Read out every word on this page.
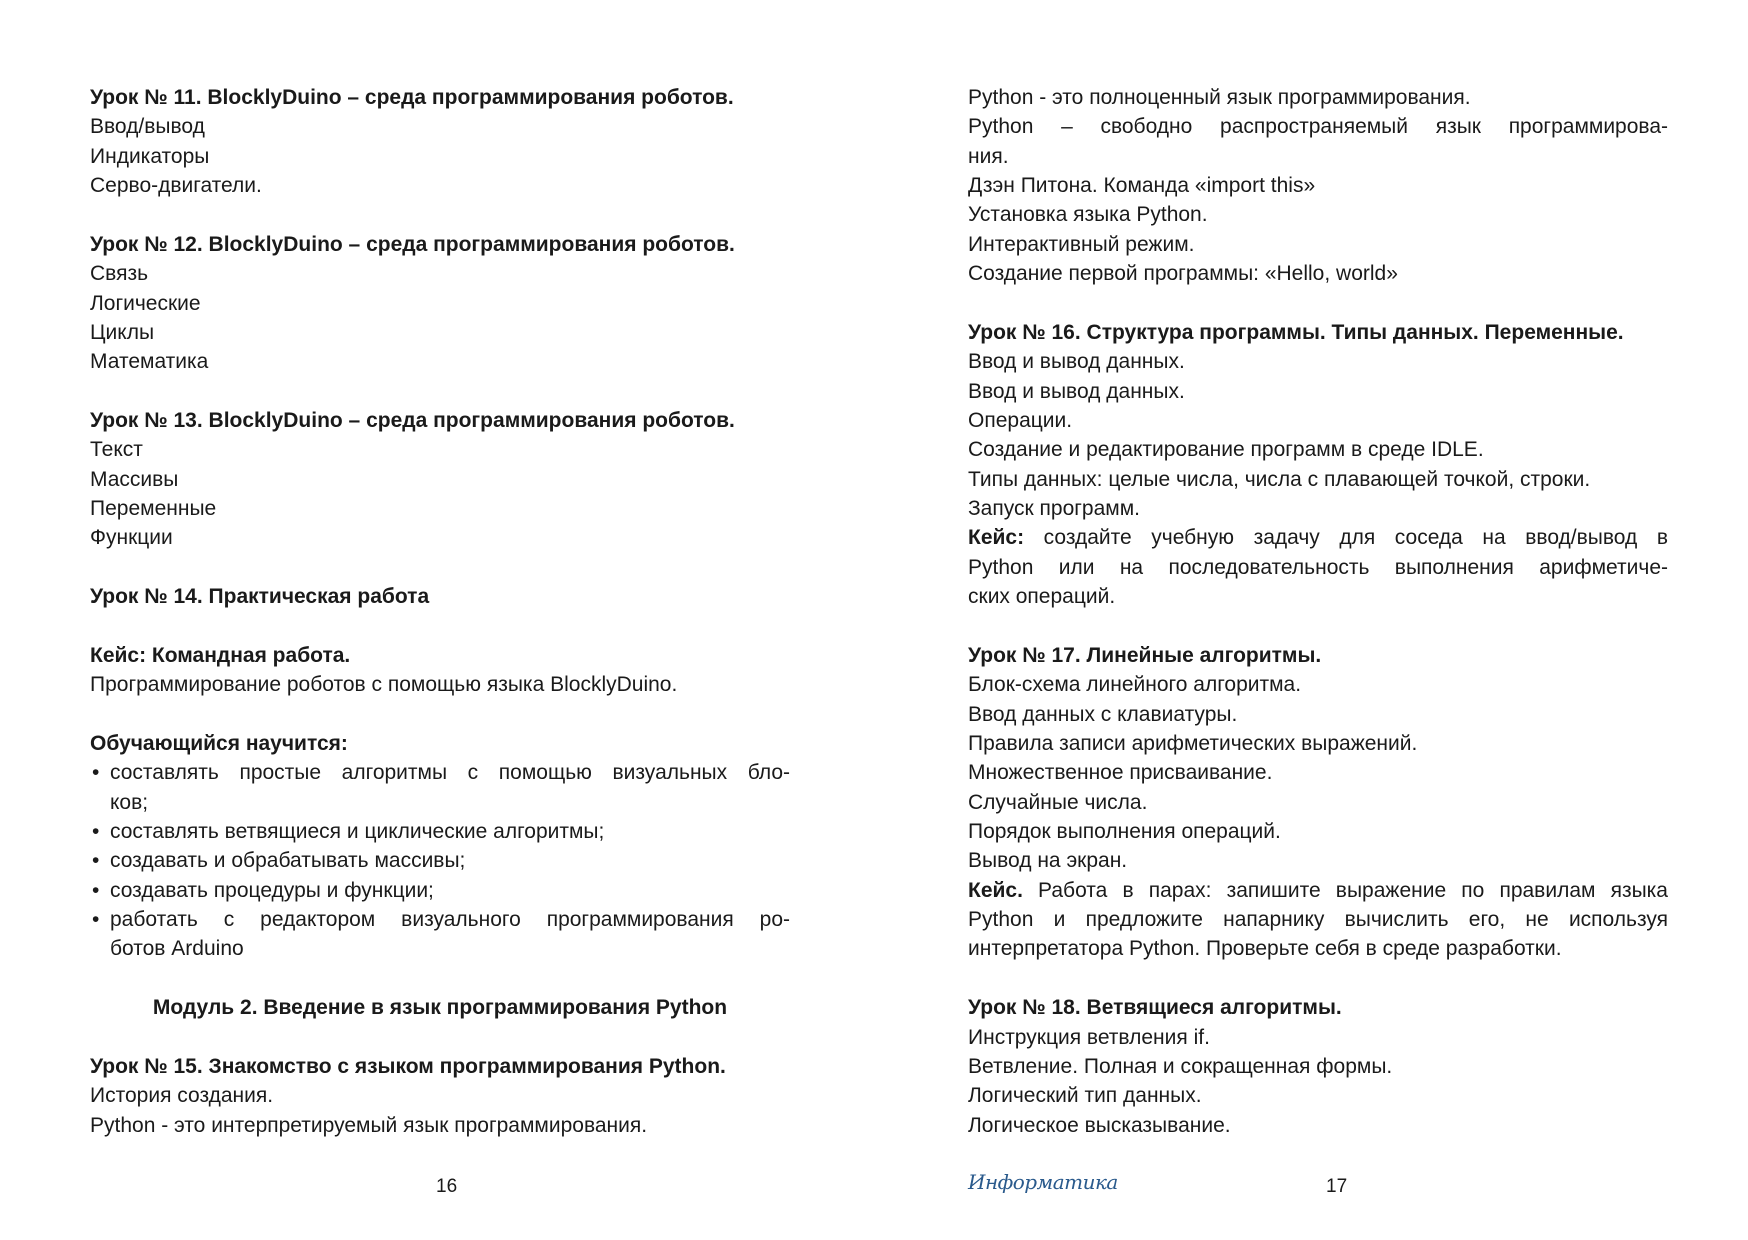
Урок № 11. BlocklyDuino – среда программирования роботов.
Ввод/вывод
Индикаторы
Серво-двигатели.
Урок № 12. BlocklyDuino – среда программирования роботов.
Связь
Логические
Циклы
Математика
Урок № 13. BlocklyDuino – среда программирования роботов.
Текст
Массивы
Переменные
Функции
Урок № 14. Практическая работа
Кейс: Командная работа.
Программирование роботов с помощью языка BlocklyDuino.
Обучающийся научится:
• составлять простые алгоритмы с помощью визуальных бло-
ков;
• составлять ветвящиеся и циклические алгоритмы;
• создавать и обрабатывать массивы;
• создавать процедуры и функции;
• работать с редактором визуального программирования ро-
ботов Arduino
Модуль 2. Введение в язык программирования Python
Урок № 15. Знакомство с языком программирования Python.
История создания.
Python - это интерпретируемый язык программирования.
Python - это полноценный язык программирования.
Python – свободно распространяемый язык программирова-
ния.
Дзэн Питона. Команда «import this»
Установка языка Python.
Интерактивный режим.
Создание первой программы: «Hello, world»
Урок № 16. Структура программы. Типы данных. Переменные.
Ввод и вывод данных.
Ввод и вывод данных.
Операции.
Создание и редактирование программ в среде IDLE.
Типы данных: целые числа, числа с плавающей точкой, строки.
Запуск программ.
Кейс: создайте учебную задачу для соседа на ввод/вывод в
Python или на последовательность выполнения арифметиче-
ских операций.
Урок № 17. Линейные алгоритмы.
Блок-схема линейного алгоритма.
Ввод данных с клавиатуры.
Правила записи арифметических выражений.
Множественное присваивание.
Случайные числа.
Порядок выполнения операций.
Вывод на экран.
Кейс. Работа в парах: запишите выражение по правилам языка
Python и предложите напарнику вычислить его, не используя
интерпретатора Python. Проверьте себя в среде разработки.
Урок № 18. Ветвящиеся алгоритмы.
Инструкция ветвления if.
Ветвление. Полная и сокращенная формы.
Логический тип данных.
Логическое высказывание.
16	Информатика	17
